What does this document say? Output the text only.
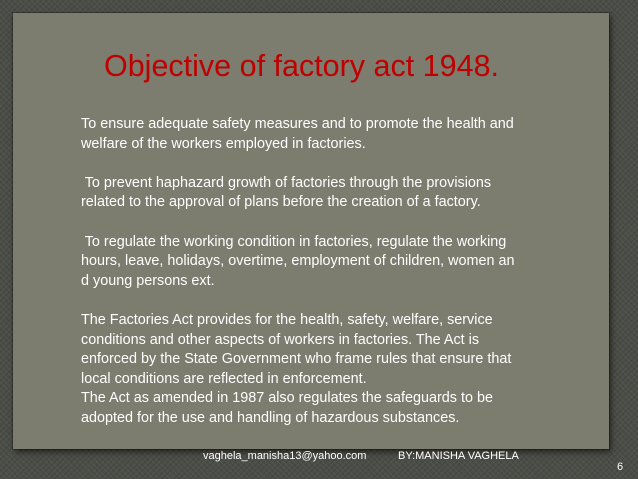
Objective of factory act 1948.

To ensure adequate safety measures and to promote the health and
welfare of the workers employed in factories.

To prevent haphazard growth of factories through the provisions
related to the approval of plans before the creation of a factory.

To regulate the working condition in factories, regulate the working
hours, leave, holidays, overtime, employment of children, women an
d young persons ext.

The Factories Act provides for the health, safety, welfare, service
conditions and other aspects of workers in factories. The Act is
enforced by the State Government who frame rules that ensure that
local conditions are reflected in enforcement.
The Act as amended in 1987 also regulates the safeguards to be
adopted for the use and handling of hazardous substances.

vaghela_manisha13@yahoo.com	BY:MANISHA VAGHELA
6
